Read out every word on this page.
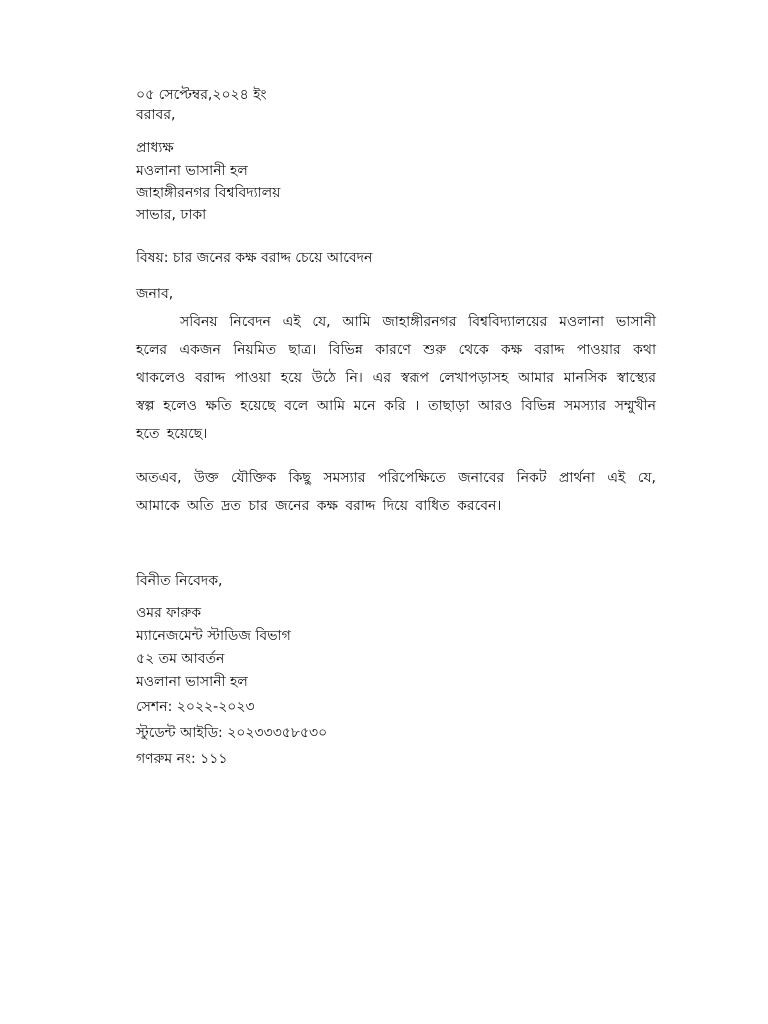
০৫ সেপ্টেম্বর,২০২৪ ইং
বরাবর,
প্রাধ্যক্ষ
মওলানা ভাসানী হল
জাহাঙ্গীরনগর বিশ্ববিদ্যালয়
সাভার, ঢাকা
বিষয়: চার জনের কক্ষ বরাদ্দ চেয়ে আবেদন
জনাব,
সবিনয় নিবেদন এই যে, আমি জাহাঙ্গীরনগর বিশ্ববিদ্যালয়ের মওলানা ভাসানী হলের একজন নিয়মিত ছাত্র। বিভিন্ন কারণে শুরু থেকে কক্ষ বরাদ্দ পাওয়ার কথা থাকলেও বরাদ্দ পাওয়া হয়ে উঠে নি। এর স্বরূপ লেখাপড়াসহ আমার মানসিক স্বাস্থ্যের স্বল্প হলেও ক্ষতি হয়েছে বলে আমি মনে করি । তাছাড়া আরও বিভিন্ন সমস্যার সম্মুখীন হতে হয়েছে।
অতএব, উক্ত যৌক্তিক কিছু সমস্যার পরিপেক্ষিতে জনাবের নিকট প্রার্থনা এই যে, আমাকে অতি দ্রত চার জনের কক্ষ বরাদ্দ দিয়ে বাধিত করবেন।
বিনীত নিবেদক,
ওমর ফারুক
ম্যানেজমেন্ট স্টাডিজ বিভাগ
৫২ তম আবর্তন
মওলানা ভাসানী হল
সেশন: ২০২২-২০২৩
স্টুডেন্ট আইডি: ২০২৩৩৩৫৮৫৩০
গণরুম নং: ১১১
